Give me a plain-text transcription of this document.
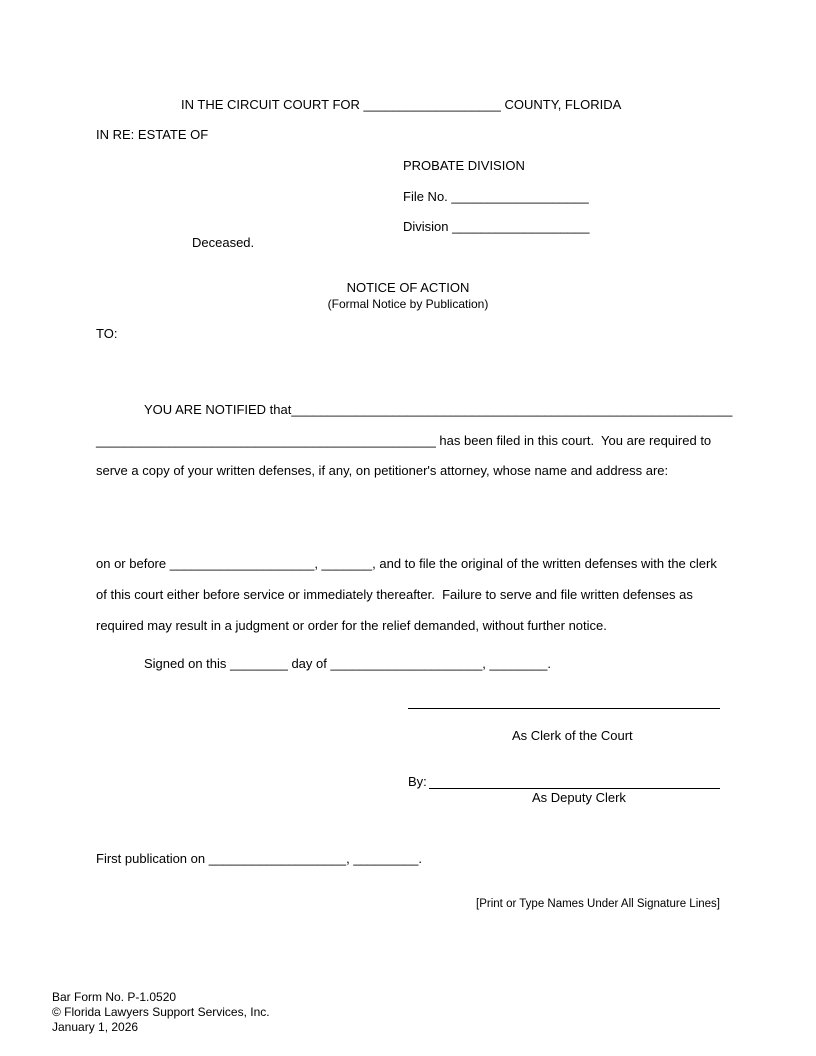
IN THE CIRCUIT COURT FOR ___________________ COUNTY, FLORIDA
IN RE: ESTATE OF
PROBATE DIVISION
File No. ___________________
Division ___________________
Deceased.
NOTICE OF ACTION
(Formal Notice by Publication)
TO:
YOU ARE NOTIFIED that_____________________________________________________________
_______________________________________________ has been filed in this court.  You are required to
serve a copy of your written defenses, if any, on petitioner's attorney, whose name and address are:
on or before ____________________, _______, and to file the original of the written defenses with the clerk
of this court either before service or immediately thereafter.  Failure to serve and file written defenses as
required may result in a judgment or order for the relief demanded, without further notice.
Signed on this ________ day of _____________________, ________.
As Clerk of the Court
By:
As Deputy Clerk
First publication on ___________________, _________.
[Print or Type Names Under All Signature Lines]
Bar Form No. P-1.0520
© Florida Lawyers Support Services, Inc.
January 1, 2026
